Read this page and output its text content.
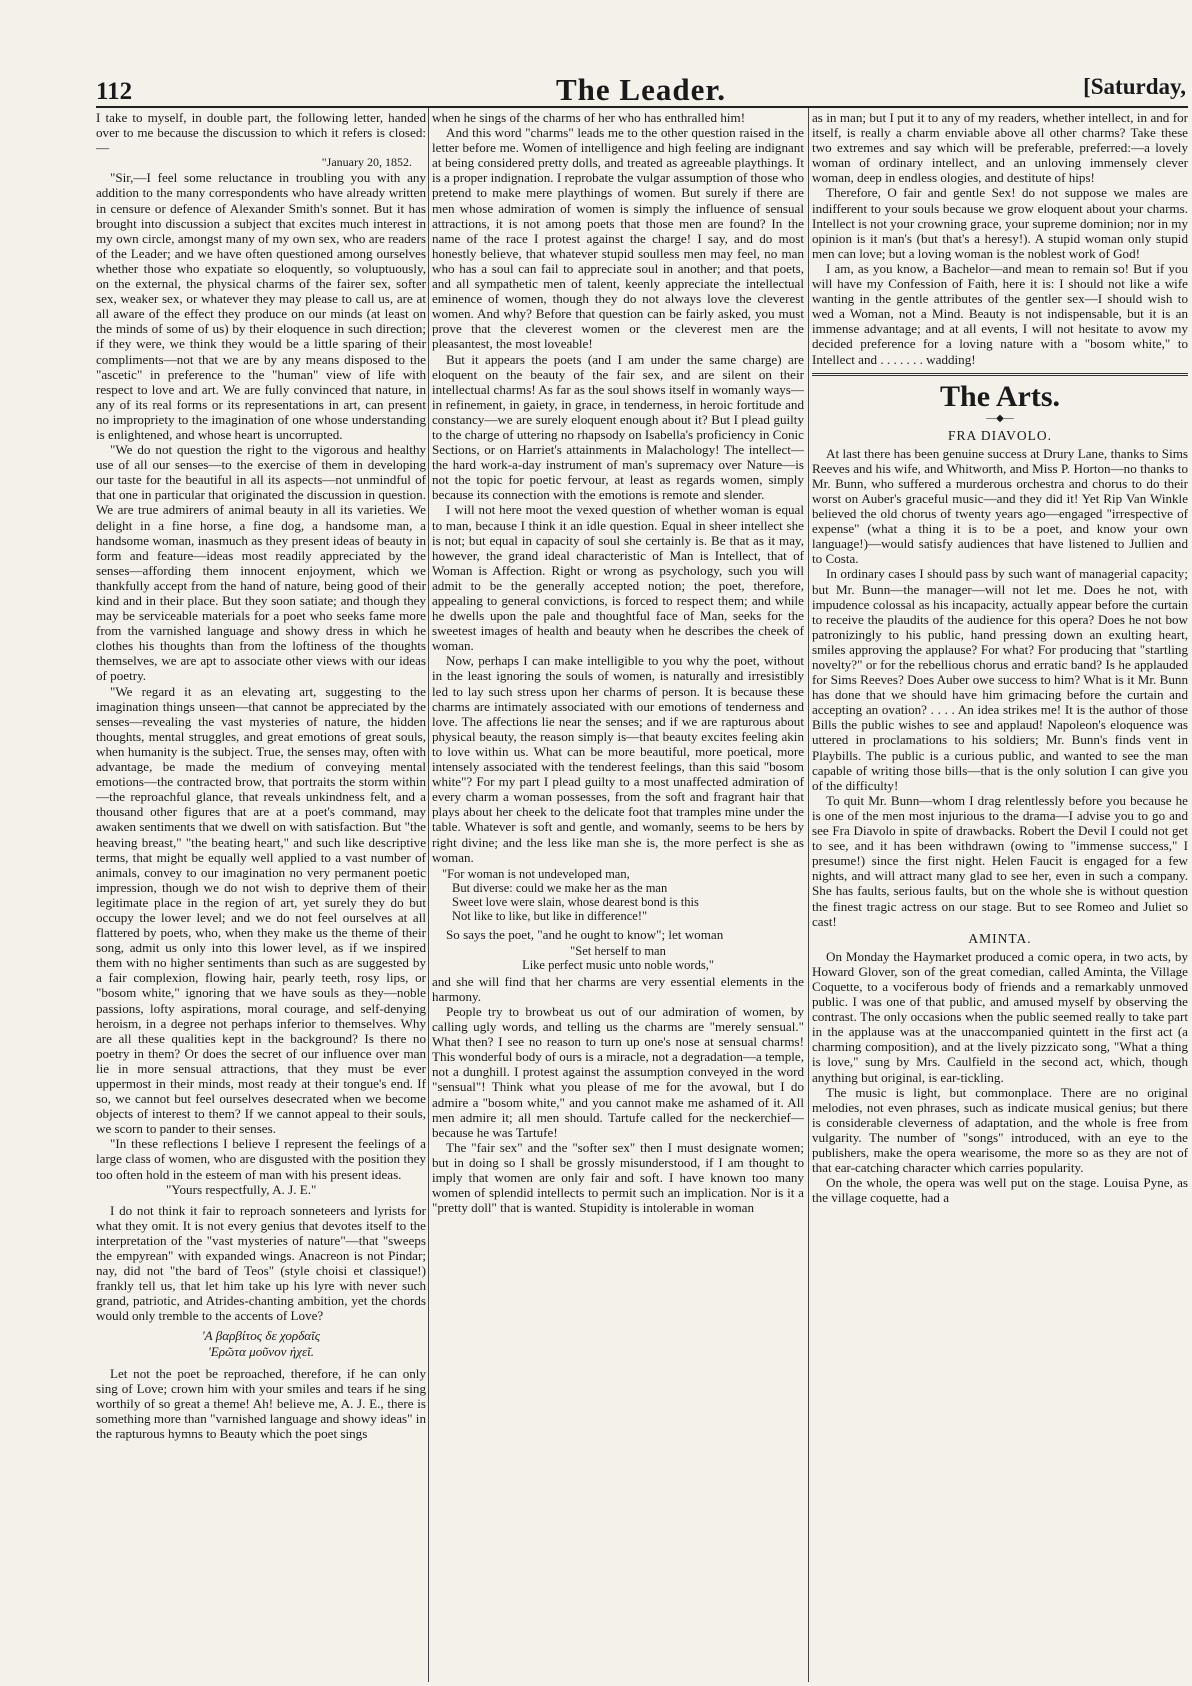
112	The Leader.	[Saturday,

I take to myself, in double part, the following letter, handed over to me because the discussion to which it refers is closed:—

"January 20, 1852.

"Sir,—I feel some reluctance in troubling you with any addition to the many correspondents who have already written in censure or defence of Alexander Smith's sonnet. But it has brought into discussion a subject that excites much interest in my own circle, amongst many of my own sex, who are readers of the Leader; and we have often questioned among ourselves whether those who expatiate so eloquently, so voluptuously, on the external, the physical charms of the fairer sex, softer sex, weaker sex, or whatever they may please to call us, are at all aware of the effect they produce on our minds (at least on the minds of some of us) by their eloquence in such direction; if they were, we think they would be a little sparing of their compliments—not that we are by any means disposed to the "ascetic" in preference to the "human" view of life with respect to love and art. We are fully convinced that nature, in any of its real forms or its representations in art, can present no impropriety to the imagination of one whose understanding is enlightened, and whose heart is uncorrupted.

"We do not question the right to the vigorous and healthy use of all our senses—to the exercise of them in developing our taste for the beautiful in all its aspects—not unmindful of that one in particular that originated the discussion in question. We are true admirers of animal beauty in all its varieties. We delight in a fine horse, a fine dog, a handsome man, a handsome woman, inasmuch as they present ideas of beauty in form and feature—ideas most readily appreciated by the senses—affording them innocent enjoyment, which we thankfully accept from the hand of nature, being good of their kind and in their place. But they soon satiate; and though they may be serviceable materials for a poet who seeks fame more from the varnished language and showy dress in which he clothes his thoughts than from the loftiness of the thoughts themselves, we are apt to associate other views with our ideas of poetry.

"We regard it as an elevating art, suggesting to the imagination things unseen—that cannot be appreciated by the senses—revealing the vast mysteries of nature, the hidden thoughts, mental struggles, and great emotions of great souls, when humanity is the subject. True, the senses may, often with advantage, be made the medium of conveying mental emotions—the contracted brow, that portraits the storm within—the reproachful glance, that reveals unkindness felt, and a thousand other figures that are at a poet's command, may awaken sentiments that we dwell on with satisfaction. But "the heaving breast," "the beating heart," and such like descriptive terms, that might be equally well applied to a vast number of animals, convey to our imagination no very permanent poetic impression, though we do not wish to deprive them of their legitimate place in the region of art, yet surely they do but occupy the lower level; and we do not feel ourselves at all flattered by poets, who, when they make us the theme of their song, admit us only into this lower level, as if we inspired them with no higher sentiments than such as are suggested by a fair complexion, flowing hair, pearly teeth, rosy lips, or "bosom white," ignoring that we have souls as they—noble passions, lofty aspirations, moral courage, and self-denying heroism, in a degree not perhaps inferior to themselves. Why are all these qualities kept in the background? Is there no poetry in them? Or does the secret of our influence over man lie in more sensual attractions, that they must be ever uppermost in their minds, most ready at their tongue's end. If so, we cannot but feel ourselves desecrated when we become objects of interest to them? If we cannot appeal to their souls, we scorn to pander to their senses.

"In these reflections I believe I represent the feelings of a large class of women, who are disgusted with the position they too often hold in the esteem of man with his present ideas.

"Yours respectfully, A. J. E."

I do not think it fair to reproach sonneteers and lyrists for what they omit. It is not every genius that devotes itself to the interpretation of the "vast mysteries of nature"—that "sweeps the empyrean" with expanded wings. Anacreon is not Pindar; nay, did not "the bard of Teos" (style choisi et classique!) frankly tell us, that let him take up his lyre with never such grand, patriotic, and Atrides-chanting ambition, yet the chords would only tremble to the accents of Love?

'Α βαρβίτος δε χορδαῖς
'Ερῶτα μοῦνον ἠχεῖ.

Let not the poet be reproached, therefore, if he can only sing of Love; crown him with your smiles and tears if he sing worthily of so great a theme! Ah! believe me, A. J. E., there is something more than "varnished language and showy ideas" in the rapturous hymns to Beauty which the poet sings

when he sings of the charms of her who has enthralled him!

And this word "charms" leads me to the other question raised in the letter before me. Women of intelligence and high feeling are indignant at being considered pretty dolls, and treated as agreeable playthings. It is a proper indignation. I reprobate the vulgar assumption of those who pretend to make mere playthings of women. But surely if there are men whose admiration of women is simply the influence of sensual attractions, it is not among poets that those men are found? In the name of the race I protest against the charge! I say, and do most honestly believe, that whatever stupid soulless men may feel, no man who has a soul can fail to appreciate soul in another; and that poets, and all sympathetic men of talent, keenly appreciate the intellectual eminence of women, though they do not always love the cleverest women. And why? Before that question can be fairly asked, you must prove that the cleverest women or the cleverest men are the pleasantest, the most loveable!

But it appears the poets (and I am under the same charge) are eloquent on the beauty of the fair sex, and are silent on their intellectual charms! As far as the soul shows itself in womanly ways—in refinement, in gaiety, in grace, in tenderness, in heroic fortitude and constancy—we are surely eloquent enough about it? But I plead guilty to the charge of uttering no rhapsody on Isabella's proficiency in Conic Sections, or on Harriet's attainments in Malachology! The intellect—the hard work-a-day instrument of man's supremacy over Nature—is not the topic for poetic fervour, at least as regards women, simply because its connection with the emotions is remote and slender.

I will not here moot the vexed question of whether woman is equal to man, because I think it an idle question. Equal in sheer intellect she is not; but equal in capacity of soul she certainly is. Be that as it may, however, the grand ideal characteristic of Man is Intellect, that of Woman is Affection. Right or wrong as psychology, such you will admit to be the generally accepted notion; the poet, therefore, appealing to general convictions, is forced to respect them; and while he dwells upon the pale and thoughtful face of Man, seeks for the sweetest images of health and beauty when he describes the cheek of woman.

Now, perhaps I can make intelligible to you why the poet, without in the least ignoring the souls of women, is naturally and irresistibly led to lay such stress upon her charms of person. It is because these charms are intimately associated with our emotions of tenderness and love. The affections lie near the senses; and if we are rapturous about physical beauty, the reason simply is—that beauty excites feeling akin to love within us. What can be more beautiful, more poetical, more intensely associated with the tenderest feelings, than this said "bosom white"? For my part I plead guilty to a most unaffected admiration of every charm a woman possesses, from the soft and fragrant hair that plays about her cheek to the delicate foot that tramples mine under the table. Whatever is soft and gentle, and womanly, seems to be hers by right divine; and the less like man she is, the more perfect is she as woman.

"For woman is not undeveloped man,
But diverse: could we make her as the man
Sweet love were slain, whose dearest bond is this
Not like to like, but like in difference!"

So says the poet, "and he ought to know"; let woman

"Set herself to man
Like perfect music unto noble words,"

and she will find that her charms are very essential elements in the harmony.

People try to browbeat us out of our admiration of women, by calling ugly words, and telling us the charms are "merely sensual." What then? I see no reason to turn up one's nose at sensual charms! This wonderful body of ours is a miracle, not a degradation—a temple, not a dunghill. I protest against the assumption conveyed in the word "sensual"! Think what you please of me for the avowal, but I do admire a "bosom white," and you cannot make me ashamed of it. All men admire it; all men should. Tartufe called for the neckerchief—because he was Tartufe!

The "fair sex" and the "softer sex" then I must designate women; but in doing so I shall be grossly misunderstood, if I am thought to imply that women are only fair and soft. I have known too many women of splendid intellects to permit such an implication. Nor is it a "pretty doll" that is wanted. Stupidity is intolerable in woman

as in man; but I put it to any of my readers, whether intellect, in and for itself, is really a charm enviable above all other charms? Take these two extremes and say which will be preferable, preferred:—a lovely woman of ordinary intellect, and an unloving immensely clever woman, deep in endless ologies, and destitute of hips!

Therefore, O fair and gentle Sex! do not suppose we males are indifferent to your souls because we grow eloquent about your charms. Intellect is not your crowning grace, your supreme dominion; nor in my opinion is it man's (but that's a heresy!). A stupid woman only stupid men can love; but a loving woman is the noblest work of God!

I am, as you know, a Bachelor—and mean to remain so! But if you will have my Confession of Faith, here it is: I should not like a wife wanting in the gentle attributes of the gentler sex—I should wish to wed a Woman, not a Mind. Beauty is not indispensable, but it is an immense advantage; and at all events, I will not hesitate to avow my decided preference for a loving nature with a "bosom white," to Intellect and . . . . . . . wadding!

The Arts.
—◆—
FRA DIAVOLO.

At last there has been genuine success at Drury Lane, thanks to Sims Reeves and his wife, and Whitworth, and Miss P. Horton—no thanks to Mr. Bunn, who suffered a murderous orchestra and chorus to do their worst on Auber's graceful music—and they did it! Yet Rip Van Winkle believed the old chorus of twenty years ago—engaged "irrespective of expense" (what a thing it is to be a poet, and know your own language!)—would satisfy audiences that have listened to Jullien and to Costa.

In ordinary cases I should pass by such want of managerial capacity; but Mr. Bunn—the manager—will not let me. Does he not, with impudence colossal as his incapacity, actually appear before the curtain to receive the plaudits of the audience for this opera? Does he not bow patronizingly to his public, hand pressing down an exulting heart, smiles approving the applause? For what? For producing that "startling novelty?" or for the rebellious chorus and erratic band? Is he applauded for Sims Reeves? Does Auber owe success to him? What is it Mr. Bunn has done that we should have him grimacing before the curtain and accepting an ovation? . . . . An idea strikes me! It is the author of those Bills the public wishes to see and applaud! Napoleon's eloquence was uttered in proclamations to his soldiers; Mr. Bunn's finds vent in Playbills. The public is a curious public, and wanted to see the man capable of writing those bills—that is the only solution I can give you of the difficulty!

To quit Mr. Bunn—whom I drag relentlessly before you because he is one of the men most injurious to the drama—I advise you to go and see Fra Diavolo in spite of drawbacks. Robert the Devil I could not get to see, and it has been withdrawn (owing to "immense success," I presume!) since the first night. Helen Faucit is engaged for a few nights, and will attract many glad to see her, even in such a company. She has faults, serious faults, but on the whole she is without question the finest tragic actress on our stage. But to see Romeo and Juliet so cast!

AMINTA.

On Monday the Haymarket produced a comic opera, in two acts, by Howard Glover, son of the great comedian, called Aminta, the Village Coquette, to a vociferous body of friends and a remarkably unmoved public. I was one of that public, and amused myself by observing the contrast. The only occasions when the public seemed really to take part in the applause was at the unaccompanied quintett in the first act (a charming composition), and at the lively pizzicato song, "What a thing is love," sung by Mrs. Caulfield in the second act, which, though anything but original, is ear-tickling.

The music is light, but commonplace. There are no original melodies, not even phrases, such as indicate musical genius; but there is considerable cleverness of adaptation, and the whole is free from vulgarity. The number of "songs" introduced, with an eye to the publishers, make the opera wearisome, the more so as they are not of that ear-catching character which carries popularity.

On the whole, the opera was well put on the stage. Louisa Pyne, as the village coquette, had a
